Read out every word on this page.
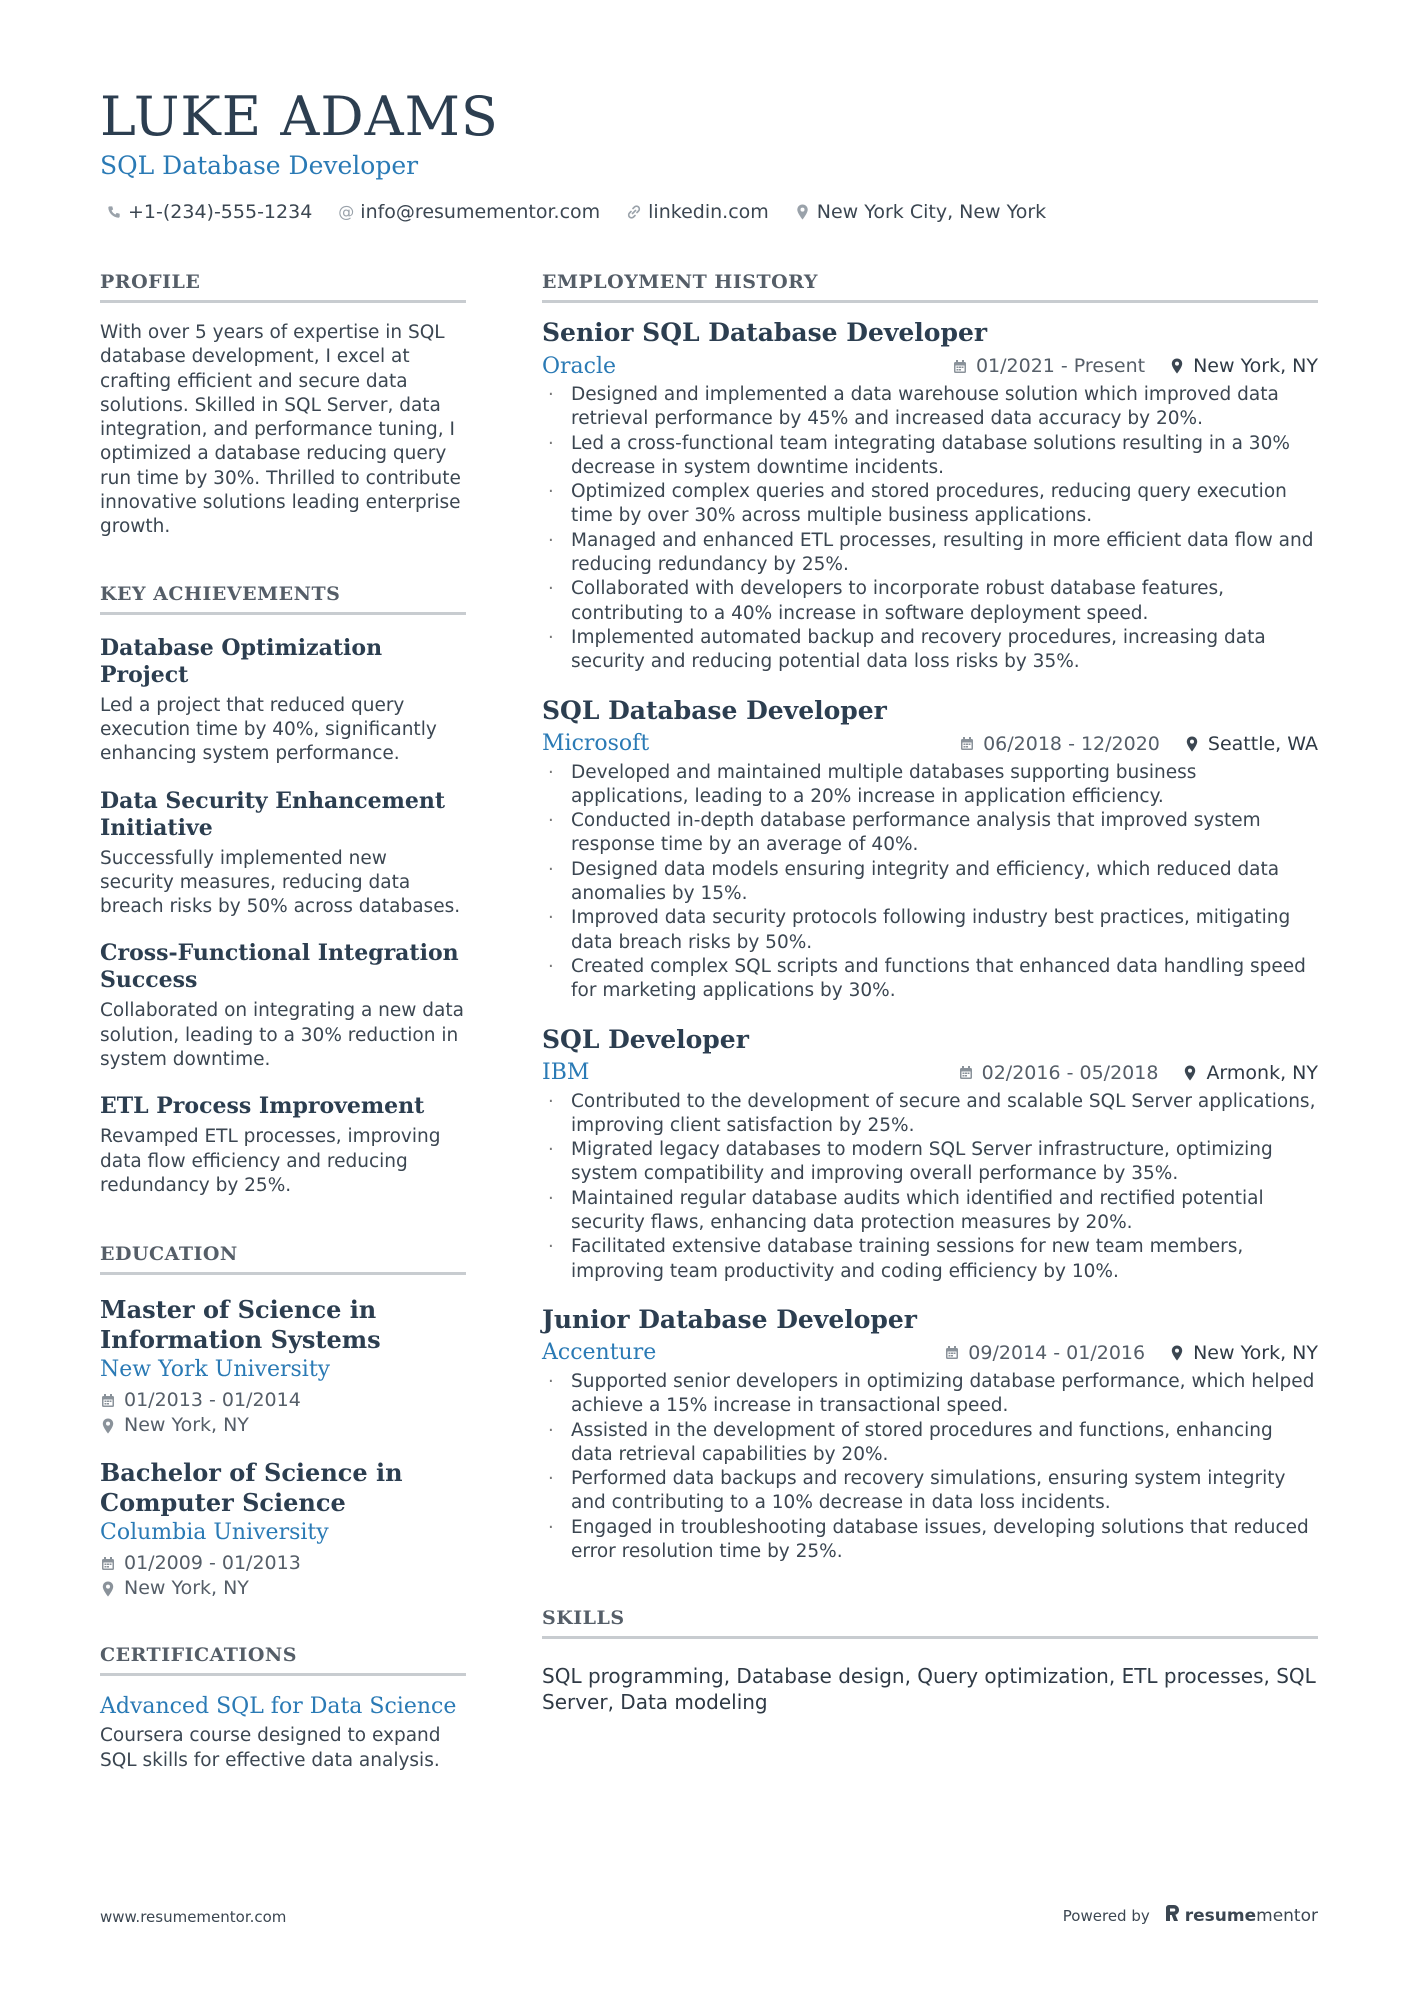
LUKE ADAMS
SQL Database Developer
+1-(234)-555-1234 @ info@resumementor.com	linkedin.com	New York City, New York
PROFILE
With over 5 years of expertise in SQL database development, I excel at crafting efficient and secure data solutions. Skilled in SQL Server, data integration, and performance tuning, I optimized a database reducing query run time by 30%. Thrilled to contribute innovative solutions leading enterprise growth.
KEY ACHIEVEMENTS
Database Optimization Project
Led a project that reduced query execution time by 40%, significantly enhancing system performance.
Data Security Enhancement Initiative
Successfully implemented new security measures, reducing data breach risks by 50% across databases.
Cross-Functional Integration Success
Collaborated on integrating a new data solution, leading to a 30% reduction in system downtime.
ETL Process Improvement
Revamped ETL processes, improving data flow efficiency and reducing redundancy by 25%.
EDUCATION
Master of Science in Information Systems
New York University
01/2013 - 01/2014
New York, NY
Bachelor of Science in Computer Science
Columbia University
01/2009 - 01/2013
New York, NY
CERTIFICATIONS
Advanced SQL for Data Science
Coursera course designed to expand SQL skills for effective data analysis.
EMPLOYMENT HISTORY
Senior SQL Database Developer
Oracle	01/2021 - Present	New York, NY
· Designed and implemented a data warehouse solution which improved data retrieval performance by 45% and increased data accuracy by 20%.
· Led a cross-functional team integrating database solutions resulting in a 30% decrease in system downtime incidents.
· Optimized complex queries and stored procedures, reducing query execution time by over 30% across multiple business applications.
· Managed and enhanced ETL processes, resulting in more efficient data flow and reducing redundancy by 25%.
· Collaborated with developers to incorporate robust database features, contributing to a 40% increase in software deployment speed.
· Implemented automated backup and recovery procedures, increasing data security and reducing potential data loss risks by 35%.
SQL Database Developer
Microsoft	06/2018 - 12/2020	Seattle, WA
· Developed and maintained multiple databases supporting business applications, leading to a 20% increase in application efficiency.
· Conducted in-depth database performance analysis that improved system response time by an average of 40%.
· Designed data models ensuring integrity and efficiency, which reduced data anomalies by 15%.
· Improved data security protocols following industry best practices, mitigating data breach risks by 50%.
· Created complex SQL scripts and functions that enhanced data handling speed for marketing applications by 30%.
SQL Developer
IBM	02/2016 - 05/2018	Armonk, NY
· Contributed to the development of secure and scalable SQL Server applications, improving client satisfaction by 25%.
· Migrated legacy databases to modern SQL Server infrastructure, optimizing system compatibility and improving overall performance by 35%.
· Maintained regular database audits which identified and rectified potential security flaws, enhancing data protection measures by 20%.
· Facilitated extensive database training sessions for new team members, improving team productivity and coding efficiency by 10%.
Junior Database Developer
Accenture	09/2014 - 01/2016	New York, NY
· Supported senior developers in optimizing database performance, which helped achieve a 15% increase in transactional speed.
· Assisted in the development of stored procedures and functions, enhancing data retrieval capabilities by 20%.
· Performed data backups and recovery simulations, ensuring system integrity and contributing to a 10% decrease in data loss incidents.
· Engaged in troubleshooting database issues, developing solutions that reduced error resolution time by 25%.
SKILLS
SQL programming, Database design, Query optimization, ETL processes, SQL Server, Data modeling
www.resumementor.com	Powered by resumementor
